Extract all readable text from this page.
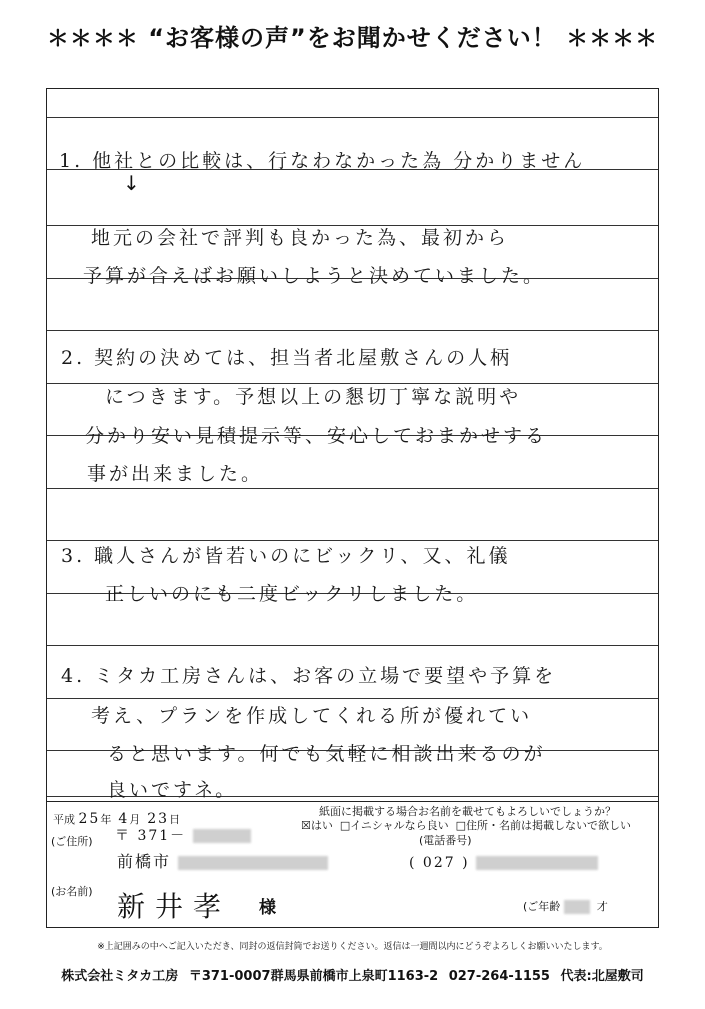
＊＊＊＊ “お客様の声”をお聞かせください！ ＊＊＊＊
1. 他社との比較は、行なわなかった為 分かりません
↓
地元の会社で評判も良かった為、最初から
予算が合えばお願いしようと決めていました。
2. 契約の決めては、担当者北屋敷さんの人柄
につきます。予想以上の懇切丁寧な説明や
分かり安い見積提示等、安心しておまかせする
事が出来ました。
3. 職人さんが皆若いのにビックリ、又、礼儀
正しいのにも二度ビックリしました。
4. ミタカ工房さんは、お客の立場で要望や予算を
考え、プランを作成してくれる所が優れてい
ると思います。何でも気軽に相談出来るのが
良いですネ。
平成 25年 4月 23日
紙面に掲載する場合お名前を載せてもよろしいでしょうか？
☒はい □イニシャルなら良い □住所・名前は掲載しないで欲しい
(ご住所) 〒 371－	(電話番号)
前橋市	( 027 )
(お名前) 新井孝 様	(ご年齢	才
※上記囲みの中へご記入いただき、同封の返信封筒でお送りください。返信は一週間以内にどうぞよろしくお願いいたします。
株式会社ミタカ工房 〒371-0007群馬県前橋市上泉町1163-2 027-264-1155 代表:北屋敷司
